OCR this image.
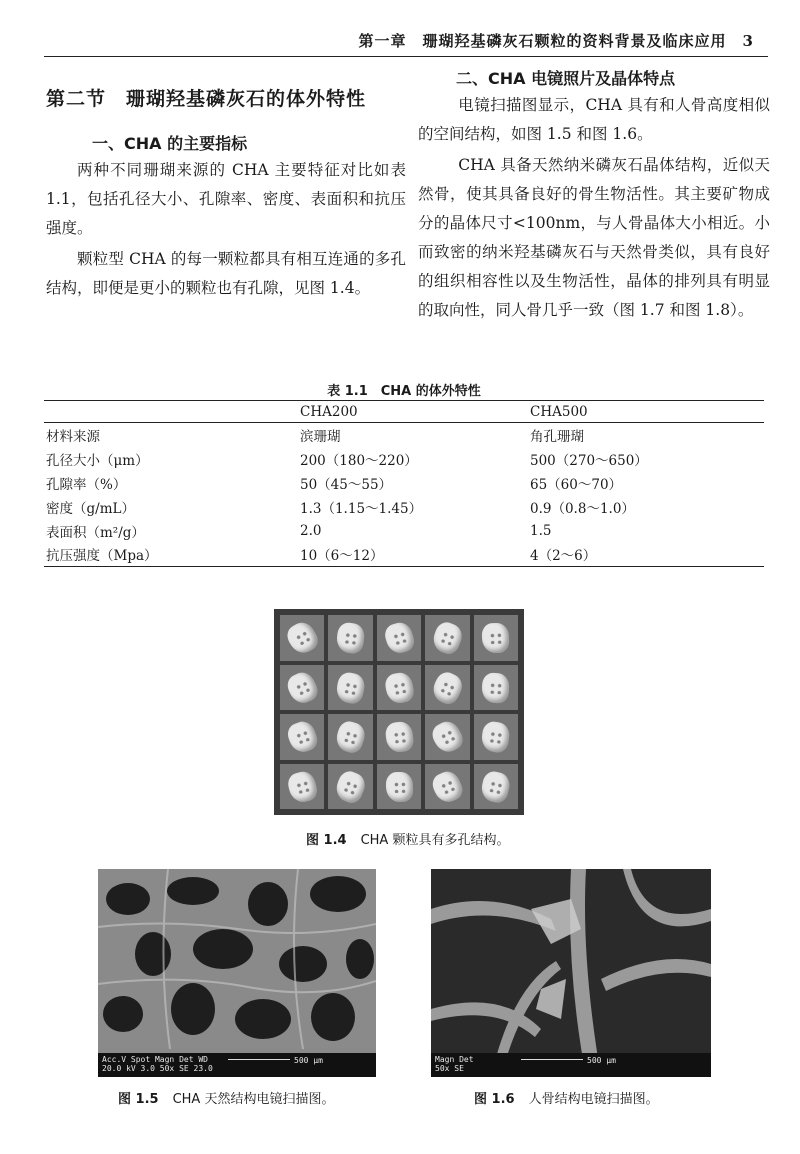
第一章　珊瑚羟基磷灰石颗粒的资料背景及临床应用　3
第二节　珊瑚羟基磷灰石的体外特性
一、CHA 的主要指标

两种不同珊瑚来源的 CHA 主要特征对比如表 1.1，包括孔径大小、孔隙率、密度、表面积和抗压强度。

颗粒型 CHA 的每一颗粒都具有相互连通的多孔结构，即便是更小的颗粒也有孔隙，见图 1.4。

二、CHA 电镜照片及晶体特点

电镜扫描图显示，CHA 具有和人骨高度相似的空间结构，如图 1.5 和图 1.6。

CHA 具备天然纳米磷灰石晶体结构，近似天然骨，使其具备良好的骨生物活性。其主要矿物成分的晶体尺寸<100nm，与人骨晶体大小相近。小而致密的纳米羟基磷灰石与天然骨类似，具有良好的组织相容性以及生物活性，晶体的排列具有明显的取向性，同人骨几乎一致（图 1.7 和图 1.8）。

表 1.1　CHA 的体外特性
	CHA200	CHA500
材料来源	滨珊瑚	角孔珊瑚
孔径大小（μm）	200（180～220）	500（270～650）
孔隙率（%）	50（45～55）	65（60～70）
密度（g/mL）	1.3（1.15～1.45）	0.9（0.8～1.0）
表面积（m²/g）	2.0	1.5
抗压强度（Mpa）	10（6～12）	4（2～6）
图 1.4 CHA 颗粒具有多孔结构。
Acc.V Spot Magn Det WD
20.0 kV 3.0 50x SE 23.0
500 μm
图 1.5 CHA 天然结构电镜扫描图。
Magn Det
50x SE
500 μm
图 1.6 人骨结构电镜扫描图。
